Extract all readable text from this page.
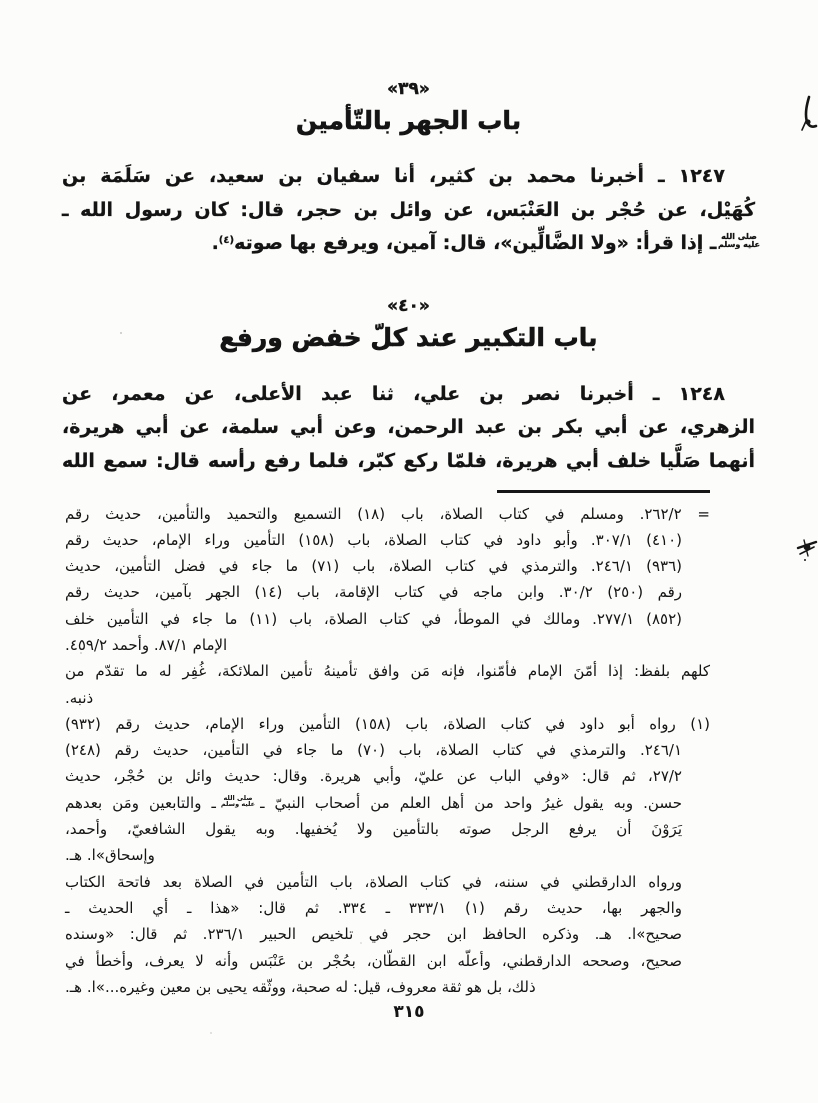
«٣٩»
باب الجهر بالتّأمين
١٢٤٧ ـ أخبرنا محمد بن كثير، أنا سفيان بن سعيد، عن سَلَمَة بن
كُهَيْل، عن حُجْر بن العَنْبَس، عن وائل بن حجر، قال: كان رسول الله ـ
صلى الله
عليه وسلم
ـ إذا قرأ: «ولا الضَّالِّين»، قال: آمين، ويرفع بها صوته$^{(٤)}$.
«٤٠»
باب التكبير عند كلّ خفض ورفع
١٢٤٨ ـ أخبرنا نصر بن علي، ثنا عبد الأعلى، عن معمر، عن
الزهري، عن أبي بكر بن عبد الرحمن، وعن أبي سلمة، عن أبي هريرة،
أنهما صَلَّيا خلف أبي هريرة، فلمّا ركع كبّر، فلما رفع رأسه قال: سمع الله
= ٢٦٢/٢. ومسلم في كتاب الصلاة، باب (١٨) التسميع والتحميد والتأمين، حديث رقم
(٤١٠) ٣٠٧/١. وأبو داود في كتاب الصلاة، باب (١٥٨) التأمين وراء الإمام، حديث رقم
(٩٣٦) ٢٤٦/١. والترمذي في كتاب الصلاة، باب (٧١) ما جاء في فضل التأمين، حديث
رقم (٢٥٠) ٣٠/٢. وابن ماجه في كتاب الإقامة، باب (١٤) الجهر بآمين، حديث رقم
(٨٥٢) ٢٧٧/١. ومالك في الموطأ، في كتاب الصلاة، باب (١١) ما جاء في التأمين خلف
الإمام ٨٧/١. وأحمد ٤٥٩/٢.
كلهم بلفظ: إذا أمّنَ الإمام فأمّنوا، فإنه مَن وافق تأمينهُ تأمين الملائكة، غُفِر له ما تقدّم من
ذنبه.
(١) رواه أبو داود في كتاب الصلاة، باب (١٥٨) التأمين وراء الإمام، حديث رقم (٩٣٢)
٢٤٦/١. والترمذي في كتاب الصلاة، باب (٧٠) ما جاء في التأمين، حديث رقم (٢٤٨)
٢٧/٢، ثم قال: «وفي الباب عن عليّ، وأبي هريرة. وقال: حديث وائل بن حُجْر، حديث
حسن. وبه يقول غيرُ واحد من أهل العلم من أصحاب النبيّ ـ
صلى الله
عليه وسلم
ـ والتابعين ومَن بعدهم
يَرَوْنَ أن يرفع الرجل صوته بالتأمين ولا يُخفيها. وبه يقول الشافعيّ، وأحمد،
وإسحاق»ا. هـ.
ورواه الدارقطني في سننه، في كتاب الصلاة، باب التأمين في الصلاة بعد فاتحة الكتاب
والجهر بها، حديث رقم (١) ٣٣٣/١ ـ ٣٣٤. ثم قال: «هذا ـ أي الحديث ـ
صحيح»ا. هـ. وذكره الحافظ ابن حجر في تلخيص الحبير ٢٣٦/١. ثم قال: «وسنده
صحيح، وصححه الدارقطني، وأعلّه ابن القطّان، بحُجْر بن عَنْبَس وأنه لا يعرف، وأخطأ في
ذلك، بل هو ثقة معروف، قيل: له صحبة، ووثّقه يحيى بن معين وغيره...»ا. هـ.
٣١٥
